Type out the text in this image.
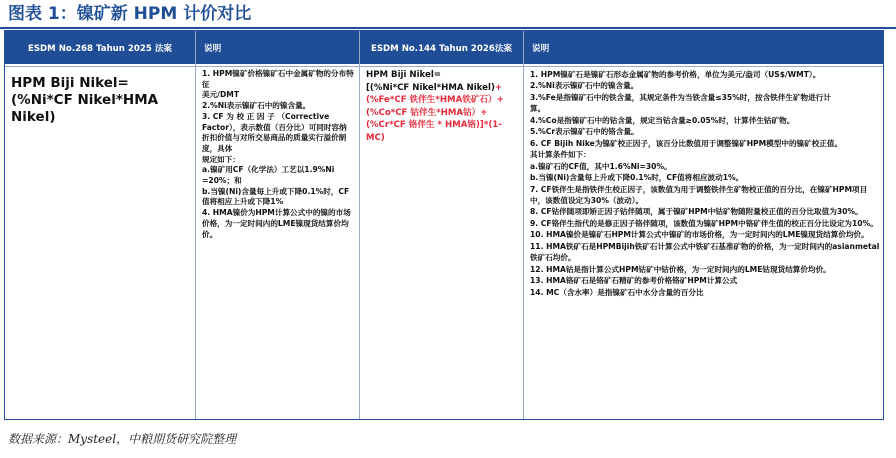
图表 1：镍矿新 HPM 计价对比
ESDM No.268 Tahun 2025 法案
HPM Biji Nikel=
(%Ni*CF Nikel*HMA Nikel)
说明
1. HPM镍矿价格镍矿石中金属矿物的分布特征
美元/DMT
2.%Ni表示镍矿石中的镍含量。
3. CF 为 校 正 因 子 （Corrective Factor），表示数值（百分比）可同时容纳折扣价值与对所交易商品的质量实行溢价制度，具体
规定如下：
a.镍矿用CF（化学法）工艺以1.9%Ni =20%；和
b.当镍(Ni)含量每上升或下降0.1%时，CF值将相应上升或下降1%
4. HMA镍价为HPM计算公式中的镍的市场价格，为一定时间内的LME镍现货结算价均价。
ESDM No.144 Tahun 2026法案
HPM Biji Nikel=
[(%Ni*CF Nikel*HMA Nikel)+(%Fe*CF 铁伴生*HMA铁矿石）+(%Co*CF 钴伴生*HMA钴）+(%Cr*CF 铬伴生 * HMA铬)]*(1-MC)
说明
1. HPM镍矿石是镍矿石形态金属矿物的参考价格，单位为美元/盎司（US$/WMT）。
2.%Ni表示镍矿石中的镍含量。
3.%Fe是指镍矿石中的铁含量，其规定条件为当铁含量≤35%时，按含铁伴生矿物进行计
算。
4.%Co是指镍矿石中的钴含量，规定当钴含量≥0.05%时，计算伴生钴矿物。
5.%Cr表示镍矿石中的铬含量。
6. CF Bijih Nike为镍矿校正因子，该百分比数值用于调整镍矿HPM模型中的镍矿校正值。
其计算条件如下：
a.镍矿石的CF值，其中1.6%Ni=30%。
b.当镍(Ni)含量每上升或下降0.1%时，CF值将相应波动1%。
7. CF铁伴生是指铁伴生校正因子，该数值为用于调整铁伴生矿物校正值的百分比，在镍矿HPM项目中，该数值设定为30%（波动）。
8. CF钴伴随项即矫正因子钴伴随项，属于镍矿HPM中钴矿物随附量校正值的百分比取值为30%。
9. CF铬伴生指代的是修正因子铬伴随项，该数值为镍矿HPM中铬矿伴生值的校正百分比设定为10%。
10. HMA镍价是镍矿石HPM计算公式中镍矿的市场价格，为一定时间内的LME镍现货结算价均价。
11. HMA铁矿石是HPMBijih铁矿石计算公式中铁矿石基准矿物的价格，为一定时间内的asianmetal铁矿石均价。
12. HMA钴是指计算公式HPM钴矿中钴价格，为一定时间内的LME钴现货结算价均价。
13. HMA铬矿石是铬矿石精矿的参考价格铬矿HPM计算公式
14. MC（含水率）是指镍矿石中水分含量的百分比
数据来源：Mysteel，中粮期货研究院整理
